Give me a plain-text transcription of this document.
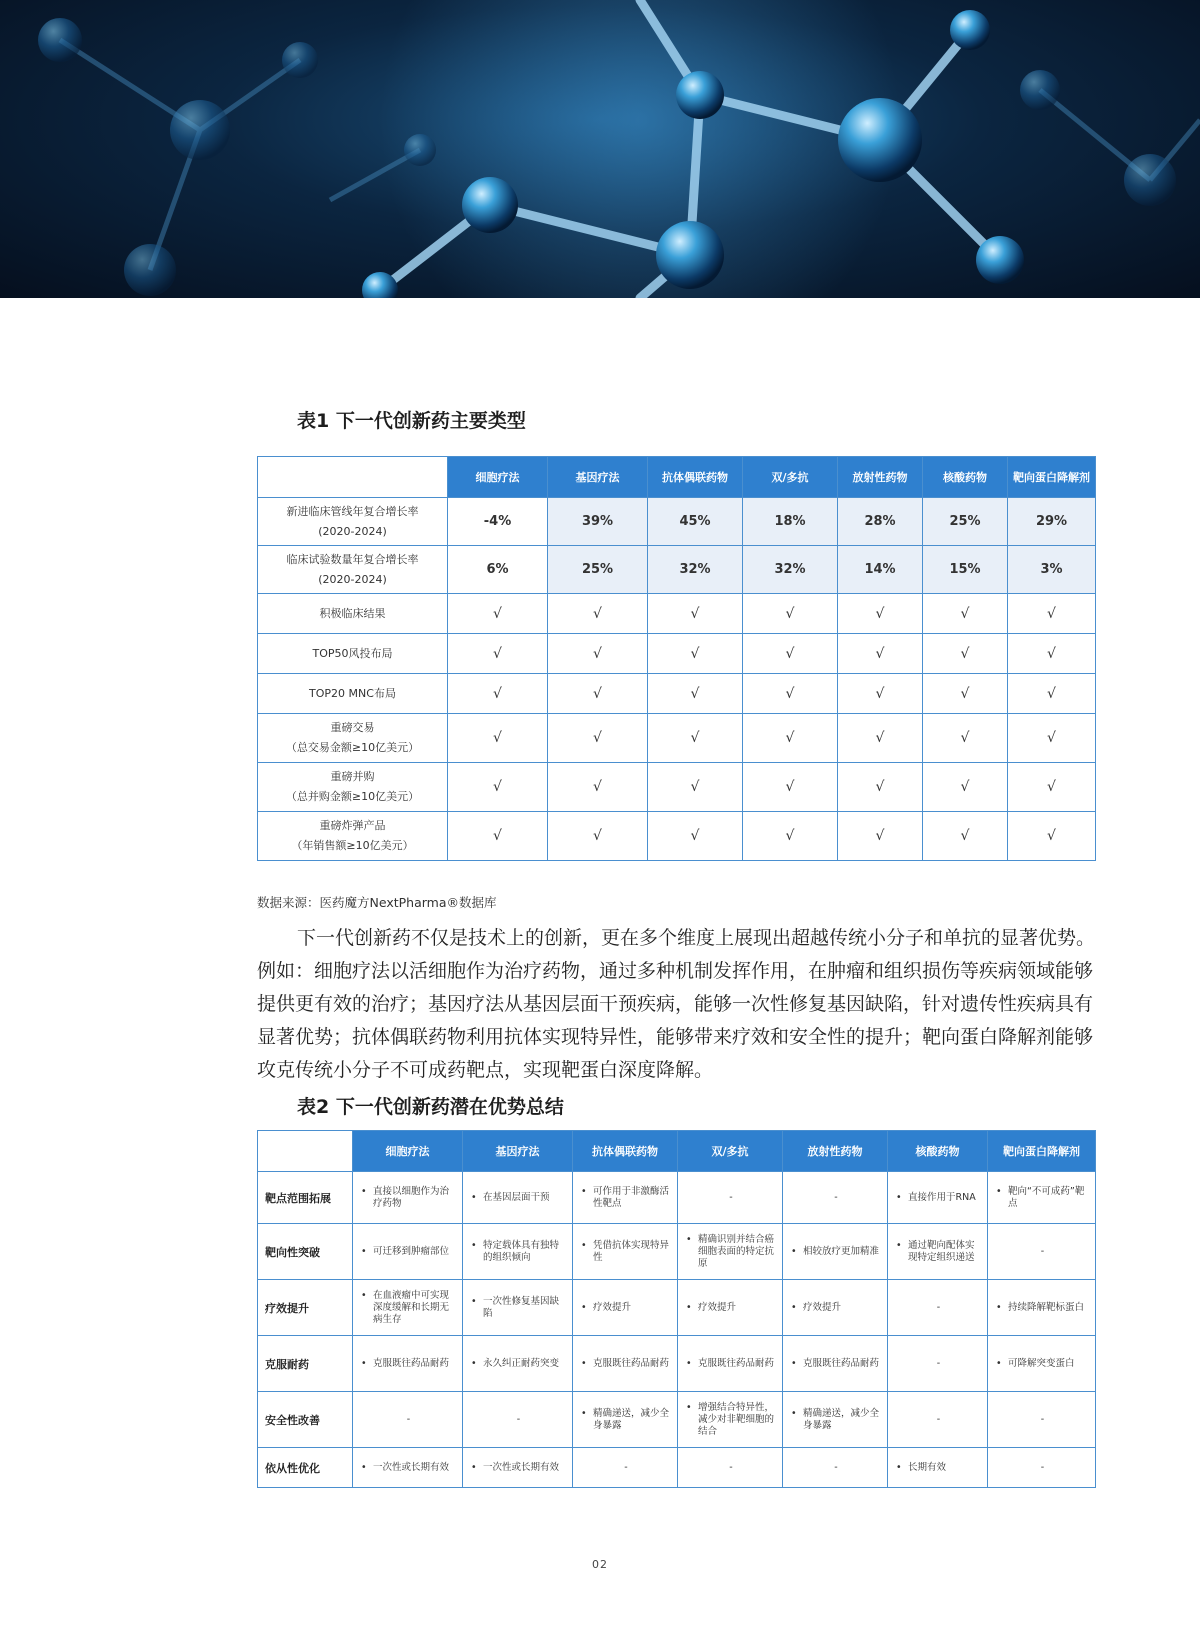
表1 下一代创新药主要类型
	细胞疗法	基因疗法	抗体偶联药物	双/多抗	放射性药物	核酸药物	靶向蛋白降解剂

新进临床管线年复合增长率
(2020-2024)	-4%	39%	45%	18%	28%	25%	29%

临床试验数量年复合增长率
(2020-2024)	6%	25%	32%	32%	14%	15%	3%

积极临床结果	√	√	√	√	√	√	√

TOP50风投布局	√	√	√	√	√	√	√

TOP20 MNC布局	√	√	√	√	√	√	√

重磅交易
（总交易金额≥10亿美元）	√	√	√	√	√	√	√

重磅并购
（总并购金额≥10亿美元）	√	√	√	√	√	√	√

重磅炸弹产品
（年销售额≥10亿美元）	√	√	√	√	√	√	√
数据来源：医药魔方NextPharma®数据库

下一代创新药不仅是技术上的创新，更在多个维度上展现出超越传统小分子和单抗的显著优势。例如：细胞疗法以活细胞作为治疗药物，通过多种机制发挥作用，在肿瘤和组织损伤等疾病领域能够提供更有效的治疗；基因疗法从基因层面干预疾病，能够一次性修复基因缺陷，针对遗传性疾病具有显著优势；抗体偶联药物利用抗体实现特异性，能够带来疗效和安全性的提升；靶向蛋白降解剂能够攻克传统小分子不可成药靶点，实现靶蛋白深度降解。

表2 下一代创新药潜在优势总结
	细胞疗法	基因疗法	抗体偶联药物	双/多抗	放射性药物	核酸药物	靶向蛋白降解剂
靶点范围拓展	• 直接以细胞作为治疗药物	• 在基因层面干预	• 可作用于非激酶活性靶点	-	-	• 直接作用于RNA	• 靶向“不可成药”靶点

靶向性突破	• 可迁移到肿瘤部位	• 特定载体具有独特的组织倾向	• 凭借抗体实现特异性	• 精确识别并结合癌细胞表面的特定抗原	• 相较放疗更加精准	• 通过靶向配体实现特定组织递送	-
疗效提升	• 在血液瘤中可实现深度缓解和长期无病生存	• 一次性修复基因缺陷	• 疗效提升	• 疗效提升	• 疗效提升	-	• 持续降解靶标蛋白

克服耐药	• 克服既往药品耐药	• 永久纠正耐药突变	• 克服既往药品耐药	• 克服既往药品耐药	• 克服既往药品耐药	-	• 可降解突变蛋白

安全性改善	-	-	• 精确递送，减少全身暴露	• 增强结合特异性，减少对非靶细胞的结合	• 精确递送，减少全身暴露	-	-
依从性优化	• 一次性或长期有效	• 一次性或长期有效	-	-	-	• 长期有效	-
02
